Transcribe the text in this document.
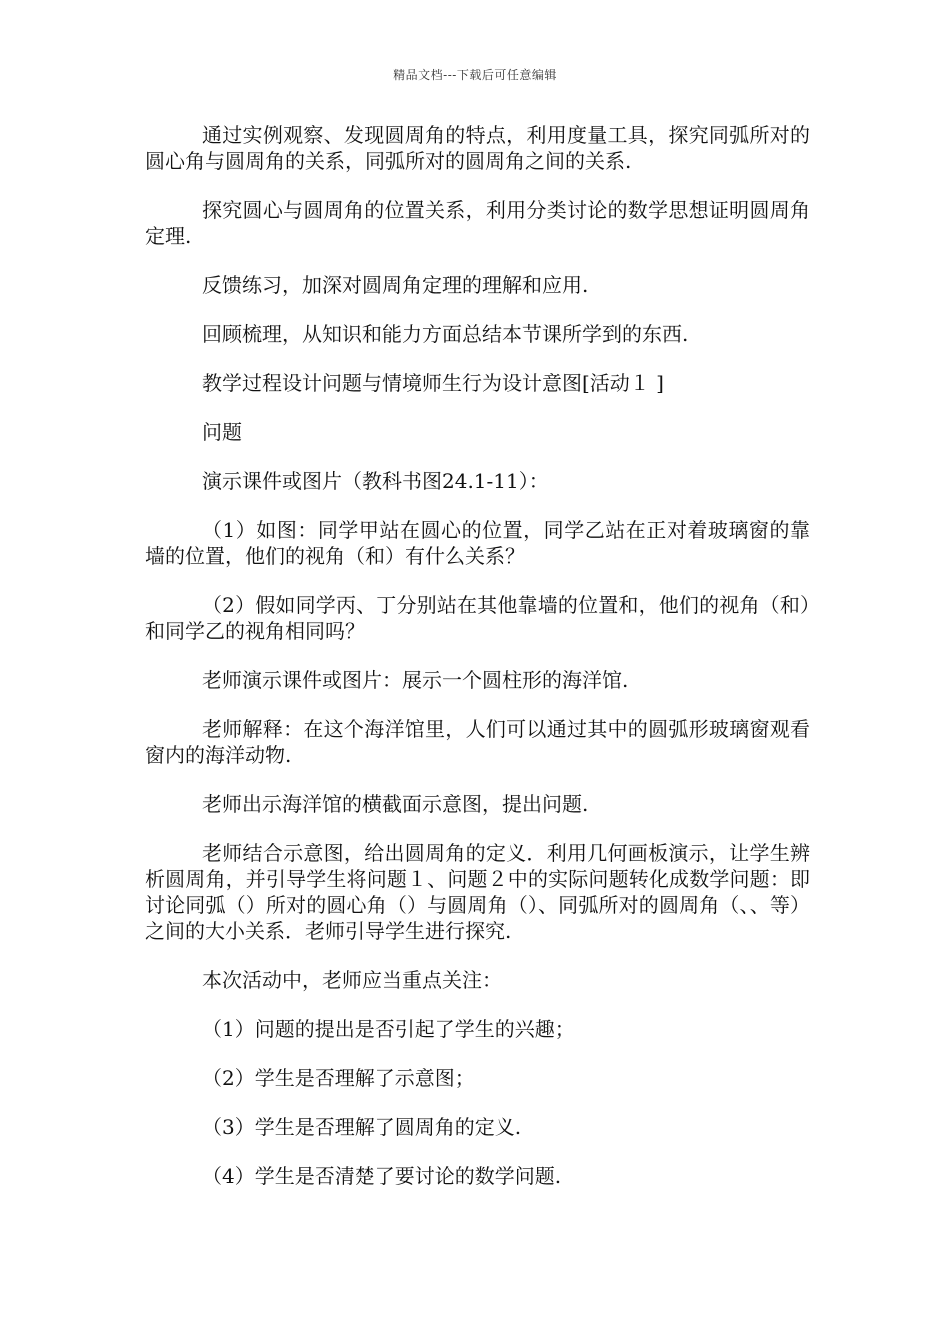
精品文档---下载后可任意编辑

通过实例观察、发现圆周角的特点，利用度量工具，探究同弧所对的圆心角与圆周角的关系，同弧所对的圆周角之间的关系.

探究圆心与圆周角的位置关系，利用分类讨论的数学思想证明圆周角定理.

反馈练习，加深对圆周角定理的理解和应用.

回顾梳理，从知识和能力方面总结本节课所学到的东西.

教学过程设计问题与情境师生行为设计意图[活动１ ]

问题

演示课件或图片（教科书图24.1-11）：

（1）如图：同学甲站在圆心的位置，同学乙站在正对着玻璃窗的靠墙的位置，他们的视角（和）有什么关系？

（2）假如同学丙、丁分别站在其他靠墙的位置和，他们的视角（和）和同学乙的视角相同吗？

老师演示课件或图片：展示一个圆柱形的海洋馆.

老师解释：在这个海洋馆里，人们可以通过其中的圆弧形玻璃窗观看窗内的海洋动物.

老师出示海洋馆的横截面示意图，提出问题.

老师结合示意图，给出圆周角的定义．利用几何画板演示，让学生辨析圆周角，并引导学生将问题１、问题２中的实际问题转化成数学问题：即讨论同弧（）所对的圆心角（）与圆周角（）、同弧所对的圆周角（、、等）之间的大小关系．老师引导学生进行探究.

本次活动中，老师应当重点关注：

（1）问题的提出是否引起了学生的兴趣；

（2）学生是否理解了示意图；

（3）学生是否理解了圆周角的定义.

（4）学生是否清楚了要讨论的数学问题.
